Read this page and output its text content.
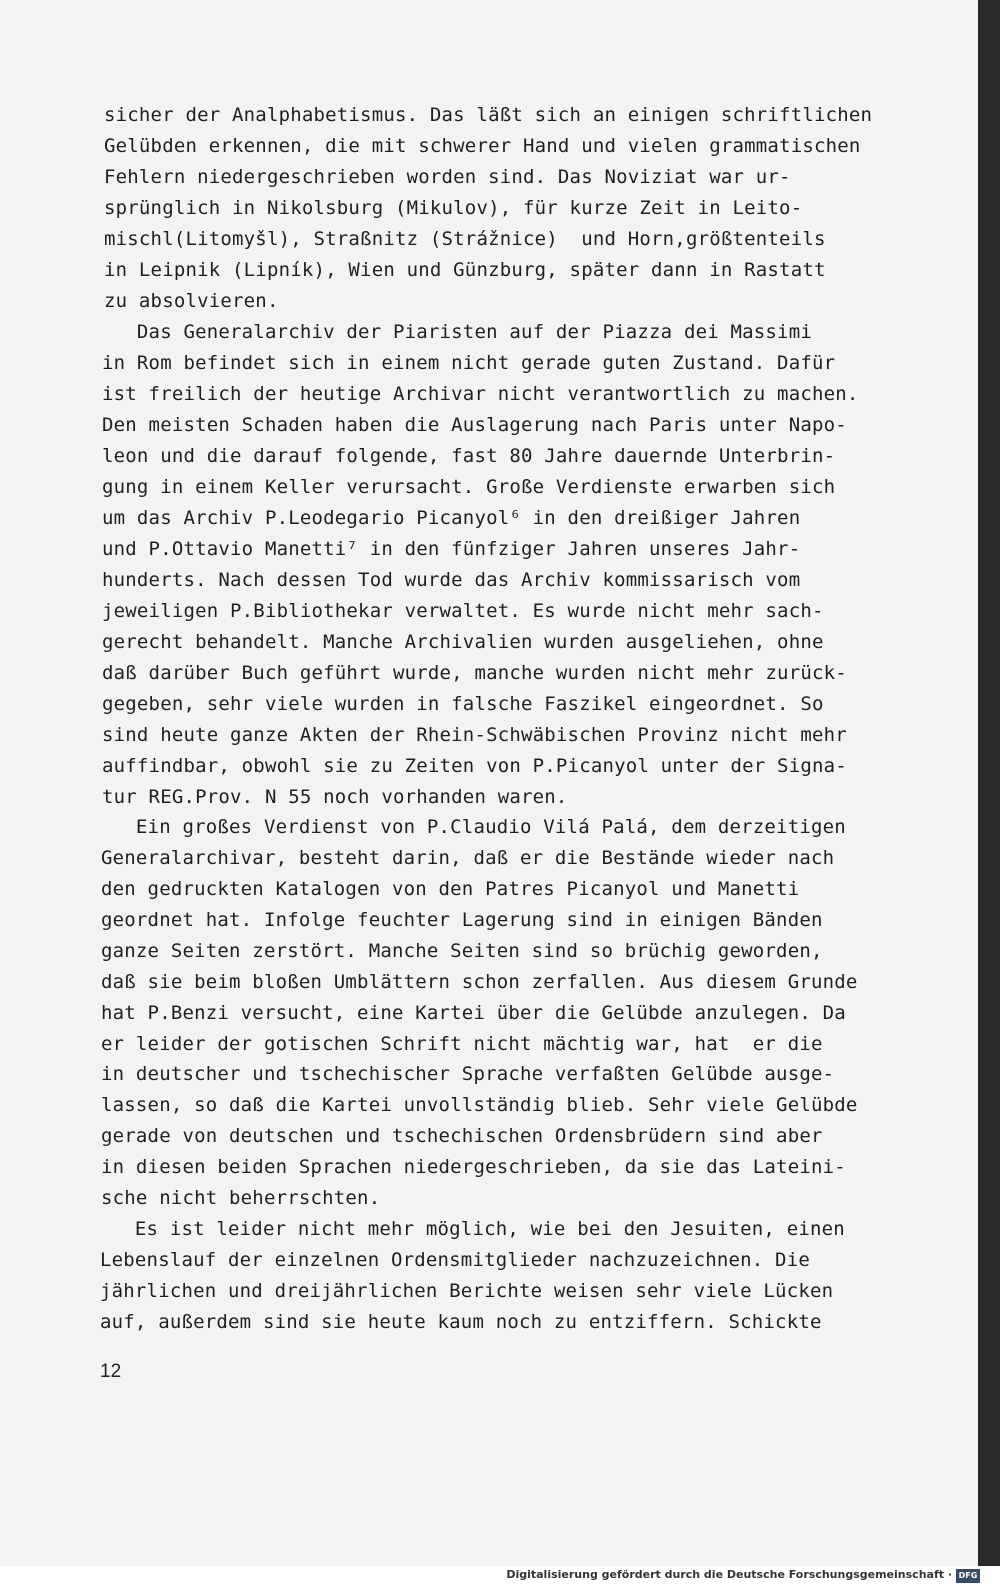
sicher der Analphabetismus. Das läßt sich an einigen schriftlichen
Gelübden erkennen, die mit schwerer Hand und vielen grammatischen
Fehlern niedergeschrieben worden sind. Das Noviziat war ur-
sprünglich in Nikolsburg (Mikulov), für kurze Zeit in Leito-
mischl(Litomyšl), Straßnitz (Strážnice)  und Horn,größtenteils
in Leipnik (Lipník), Wien und Günzburg, später dann in Rastatt
zu absolvieren.
Das Generalarchiv der Piaristen auf der Piazza dei Massimi
in Rom befindet sich in einem nicht gerade guten Zustand. Dafür
ist freilich der heutige Archivar nicht verantwortlich zu machen.
Den meisten Schaden haben die Auslagerung nach Paris unter Napo-
leon und die darauf folgende, fast 80 Jahre dauernde Unterbrin-
gung in einem Keller verursacht. Große Verdienste erwarben sich
um das Archiv P.Leodegario Picanyol⁶ in den dreißiger Jahren
und P.Ottavio Manetti⁷ in den fünfziger Jahren unseres Jahr-
hunderts. Nach dessen Tod wurde das Archiv kommissarisch vom
jeweiligen P.Bibliothekar verwaltet. Es wurde nicht mehr sach-
gerecht behandelt. Manche Archivalien wurden ausgeliehen, ohne
daß darüber Buch geführt wurde, manche wurden nicht mehr zurück-
gegeben, sehr viele wurden in falsche Faszikel eingeordnet. So
sind heute ganze Akten der Rhein-Schwäbischen Provinz nicht mehr
auffindbar, obwohl sie zu Zeiten von P.Picanyol unter der Signa-
tur REG.Prov. N 55 noch vorhanden waren.
Ein großes Verdienst von P.Claudio Vilá Palá, dem derzeitigen
Generalarchivar, besteht darin, daß er die Bestände wieder nach
den gedruckten Katalogen von den Patres Picanyol und Manetti
geordnet hat. Infolge feuchter Lagerung sind in einigen Bänden
ganze Seiten zerstört. Manche Seiten sind so brüchig geworden,
daß sie beim bloßen Umblättern schon zerfallen. Aus diesem Grunde
hat P.Benzi versucht, eine Kartei über die Gelübde anzulegen. Da
er leider der gotischen Schrift nicht mächtig war, hat  er die
in deutscher und tschechischer Sprache verfaßten Gelübde ausge-
lassen, so daß die Kartei unvollständig blieb. Sehr viele Gelübde
gerade von deutschen und tschechischen Ordensbrüdern sind aber
in diesen beiden Sprachen niedergeschrieben, da sie das Lateini-
sche nicht beherrschten.
Es ist leider nicht mehr möglich, wie bei den Jesuiten, einen
Lebenslauf der einzelnen Ordensmitglieder nachzuzeichnen. Die
jährlichen und dreijährlichen Berichte weisen sehr viele Lücken
auf, außerdem sind sie heute kaum noch zu entziffern. Schickte
12
Digitalisierung gefördert durch die Deutsche Forschungsgemeinschaft · DFG
